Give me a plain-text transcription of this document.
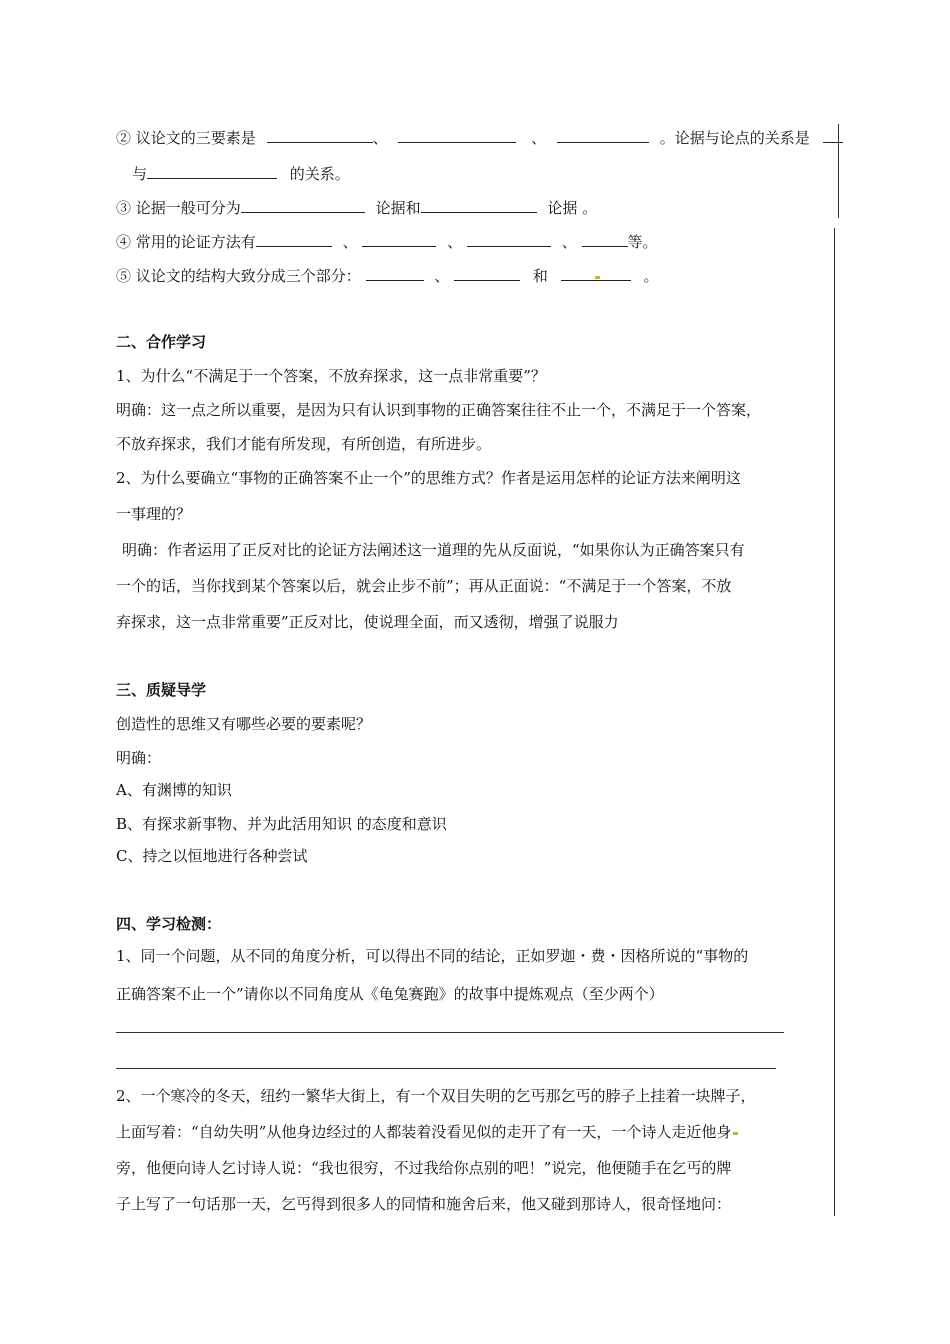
② 议论文的三要素是	、	、	。论据与论点的关系是
与	的关系。
③ 论据一般可分为	论据和	论据 。
④ 常用的论证方法有	、	、	、	等。
⑤ 议论文的结构大致分成三个部分：	、	和	。
二、合作学习
1、为什么“不满足于一个答案，不放弃探求，这一点非常重要”？
明确：这一点之所以重要，是因为只有认识到事物的正确答案往往不止一个，不满足于一个答案，
不放弃探求，我们才能有所发现，有所创造，有所进步。
2、为什么要确立“事物的正确答案不止一个”的思维方式？作者是运用怎样的论证方法来阐明这
一事理的？
明确：作者运用了正反对比的论证方法阐述这一道理的先从反面说，“如果你认为正确答案只有
一个的话，当你找到某个答案以后，就会止步不前”；再从正面说：“不满足于一个答案，不放
弃探求，这一点非常重要”正反对比，使说理全面，而又透彻，增强了说服力
三、质疑导学
创造性的思维又有哪些必要的要素呢？
明确：
A、有渊博的知识
B、有探求新事物、并为此活用知识 的态度和意识
C、持之以恒地进行各种尝试
四、学习检测：
1、同一个问题，从不同的角度分析，可以得出不同的结论，正如罗迦・费・因格所说的“事物的
正确答案不止一个”请你以不同角度从《龟兔赛跑》的故事中提炼观点（至少两个）
2、一个寒冷的冬天，纽约一繁华大街上，有一个双目失明的乞丐那乞丐的脖子上挂着一块牌子，
上面写着：“自幼失明”从他身边经过的人都装着没看见似的走开了有一天，一个诗人走近他身
旁，他便向诗人乞讨诗人说：“我也很穷，不过我给你点别的吧！”说完，他便随手在乞丐的牌
子上写了一句话那一天，乞丐得到很多人的同情和施舍后来，他又碰到那诗人，很奇怪地问：
